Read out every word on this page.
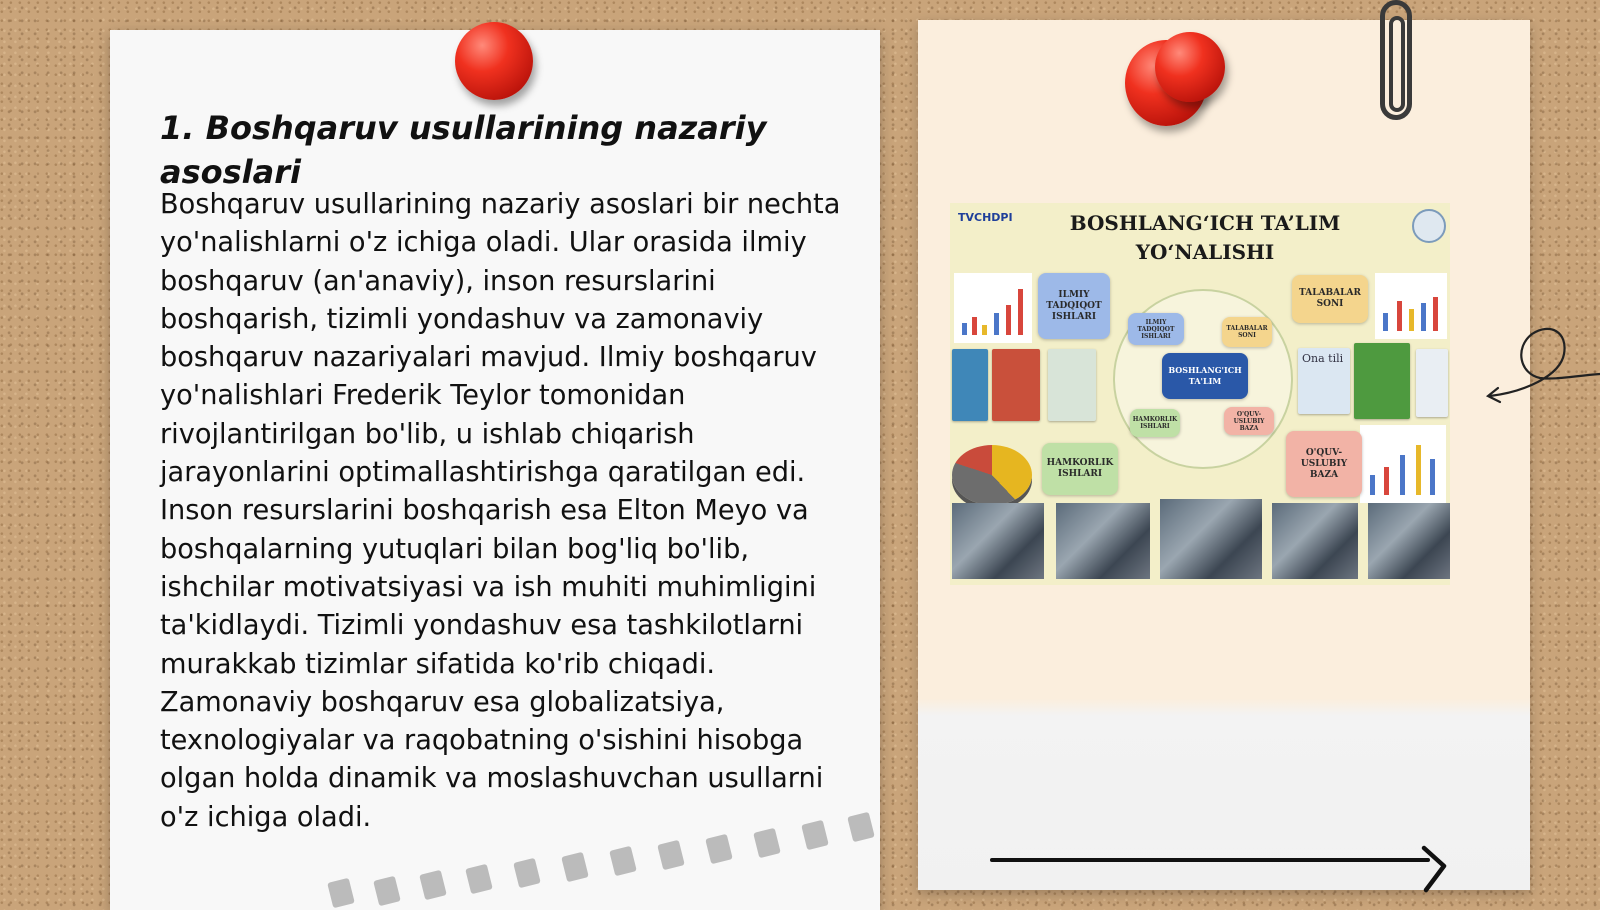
1. Boshqaruv usullarining nazariy asoslari

Boshqaruv usullarining nazariy asoslari bir nechta yo'nalishlarni o'z ichiga oladi. Ular orasida ilmiy boshqaruv (an'anaviy), inson resurslarini boshqarish, tizimli yondashuv va zamonaviy boshqaruv nazariyalari mavjud. Ilmiy boshqaruv yo'nalishlari Frederik Teylor tomonidan rivojlantirilgan bo'lib, u ishlab chiqarish jarayonlarini optimallashtirishga qaratilgan edi. Inson resurslarini boshqarish esa Elton Meyo va boshqalarning yutuqlari bilan bog'liq bo'lib, ishchilar motivatsiyasi va ish muhiti muhimligini ta'kidlaydi. Tizimli yondashuv esa tashkilotlarni murakkab tizimlar sifatida ko'rib chiqadi. Zamonaviy boshqaruv esa globalizatsiya, texnologiyalar va raqobatning o'sishini hisobga olgan holda dinamik va moslashuvchan usullarni o'z ichiga oladi.

TVCHDPI	BOSHLANG‘ICH TA’LIM
YO‘NALISHI
Ona tili
BOSHLANG'ICH TA'LIM
ILMIY TADQIQOT ISHLARI
TALABALAR SONI
HAMKORLIK ISHLARI
O'QUV-USLUBIY BAZA
ILMIY TADQIQOT ISHLARI
TALABALAR SONI
HAMKORLIK ISHLARI
O'QUV-USLUBIY BAZA
